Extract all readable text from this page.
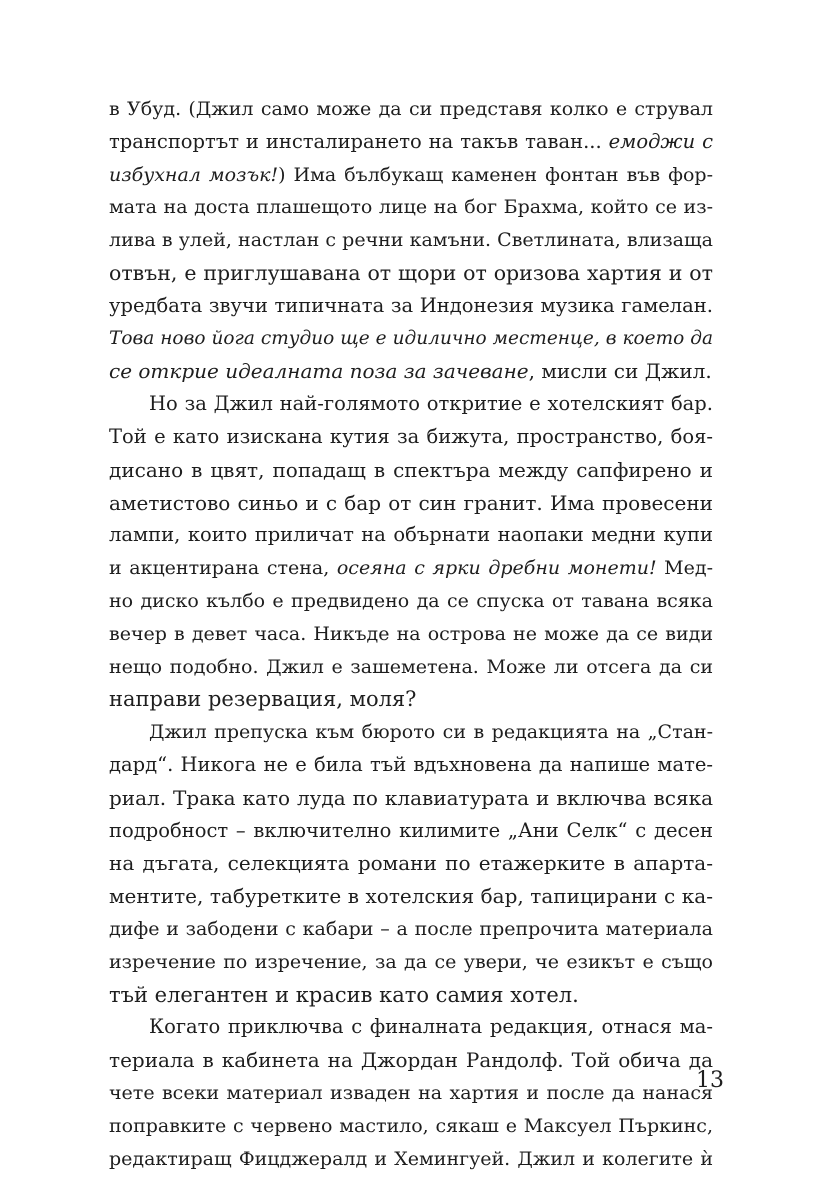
в Убуд. (Джил само може да си представя колко е струвал
транспортът и инсталирането на такъв таван... емоджи с
избухнал мозък!) Има бълбукащ каменен фонтан във фор-
мата на доста плашещото лице на бог Брахма, който се из-
лива в улей, настлан с речни камъни. Светлината, влизаща
отвън, е приглушавана от щори от оризова хартия и от
уредбата звучи типичната за Индонезия музика гамелан.
Това ново йога студио ще е идилично местенце, в което да
се открие идеалната поза за зачеване, мисли си Джил.
Но за Джил най-голямото откритие е хотелският бар.
Той е като изискана кутия за бижута, пространство, боя-
дисано в цвят, попадащ в спектъра между сапфирено и
аметистово синьо и с бар от син гранит. Има провесени
лампи, които приличат на обърнати наопаки медни купи
и акцентирана стена, осеяна с ярки дребни монети! Мед-
но диско кълбо е предвидено да се спуска от тавана всяка
вечер в девет часа. Никъде на острова не може да се види
нещо подобно. Джил е зашеметена. Може ли отсега да си
направи резервация, моля?
Джил препуска към бюрото си в редакцията на „Стан-
дард“. Никога не е била тъй вдъхновена да напише мате-
риал. Трака като луда по клавиатурата и включва всяка
подробност – включително килимите „Ани Селк“ с десен
на дъгата, селекцията романи по етажерките в апарта-
ментите, табуретките в хотелския бар, тапицирани с ка-
дифе и забодени с кабари – а после препрочита материала
изречение по изречение, за да се увери, че езикът е също
тъй елегантен и красив като самия хотел.
Когато приключва с финалната редакция, отнася ма-
териала в кабинета на Джордан Рандолф. Той обича да
чете всеки материал изваден на хартия и после да нанася
поправките с червено мастило, сякаш е Максуел Пъркинс,
редактиращ Фицджералд и Хемингуей. Джил и колегите ѝ
13
